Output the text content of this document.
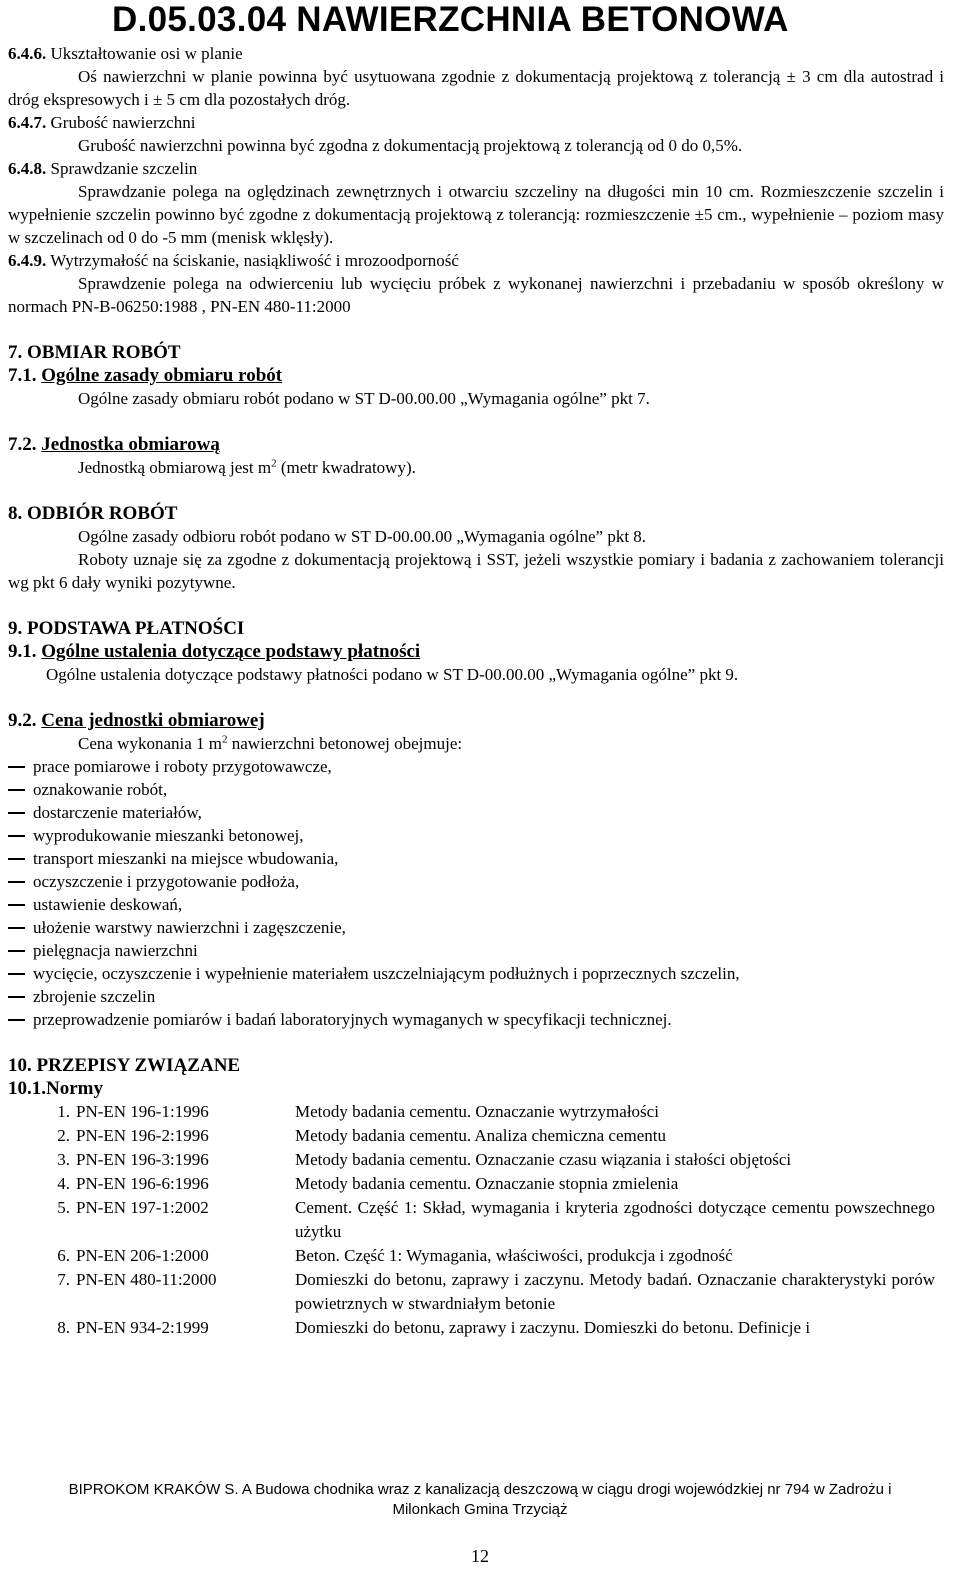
D.05.03.04 NAWIERZCHNIA BETONOWA

6.4.6. Ukształtowanie osi w planie

Oś nawierzchni w planie powinna być usytuowana zgodnie z dokumentacją projektową z tolerancją ± 3 cm dla autostrad i dróg ekspresowych i ± 5 cm dla pozostałych dróg.

6.4.7. Grubość nawierzchni

Grubość nawierzchni powinna być zgodna z dokumentacją projektową z tolerancją od 0 do 0,5%.

6.4.8. Sprawdzanie szczelin

Sprawdzanie polega na oględzinach zewnętrznych i otwarciu szczeliny na długości min 10 cm. Rozmieszczenie szczelin i wypełnienie szczelin powinno być zgodne z dokumentacją projektową z tolerancją: rozmieszczenie ±5 cm., wypełnienie – poziom masy w szczelinach od 0 do -5 mm (menisk wklęsły).

6.4.9. Wytrzymałość na ściskanie, nasiąkliwość i mrozoodporność

Sprawdzenie polega na odwierceniu lub wycięciu próbek z wykonanej nawierzchni i przebadaniu w sposób określony w normach PN-B-06250:1988 , PN-EN 480-11:2000

7. OBMIAR ROBÓT

7.1. Ogólne zasady obmiaru robót

Ogólne zasady obmiaru robót podano w ST D-00.00.00 „Wymagania ogólne” pkt 7.

7.2. Jednostka obmiarową

Jednostką obmiarową jest $m^2$ (metr kwadratowy).

8. ODBIÓR ROBÓT

Ogólne zasady odbioru robót podano w ST D-00.00.00 „Wymagania ogólne” pkt 8.

Roboty uznaje się za zgodne z dokumentacją projektową i SST, jeżeli wszystkie pomiary i badania z zachowaniem tolerancji wg pkt 6 dały wyniki pozytywne.

9. PODSTAWA PŁATNOŚCI

9.1. Ogólne ustalenia dotyczące podstawy płatności

Ogólne ustalenia dotyczące podstawy płatności podano w ST D-00.00.00 „Wymagania ogólne” pkt 9.

9.2. Cena jednostki obmiarowej

Cena wykonania 1 $m^2$ nawierzchni betonowej obejmuje:

prace pomiarowe i roboty przygotowawcze,
oznakowanie robót,
dostarczenie materiałów,
wyprodukowanie mieszanki betonowej,
transport mieszanki na miejsce wbudowania,
oczyszczenie i przygotowanie podłoża,
ustawienie deskowań,
ułożenie warstwy nawierzchni i zagęszczenie,
pielęgnacja nawierzchni
wycięcie, oczyszczenie i wypełnienie materiałem uszczelniającym podłużnych i poprzecznych szczelin,
zbrojenie szczelin
przeprowadzenie pomiarów i badań laboratoryjnych wymaganych w specyfikacji technicznej.

10. PRZEPISY ZWIĄZANE

10.1.Normy

1.	PN-EN 196-1:1996	Metody badania cementu. Oznaczanie wytrzymałości
2.	PN-EN 196-2:1996	Metody badania cementu. Analiza chemiczna cementu
3.	PN-EN 196-3:1996	Metody badania cementu. Oznaczanie czasu wiązania i stałości objętości
4.	PN-EN 196-6:1996	Metody badania cementu. Oznaczanie stopnia zmielenia
5.	PN-EN 197-1:2002	Cement. Część 1: Skład, wymagania i kryteria zgodności dotyczące cementu powszechnego użytku
6.	PN-EN 206-1:2000	Beton. Część 1: Wymagania, właściwości, produkcja i zgodność
7.	PN-EN 480-11:2000	Domieszki do betonu, zaprawy i zaczynu. Metody badań. Oznaczanie charakterystyki porów powietrznych w stwardniałym betonie
8.	PN-EN 934-2:1999	Domieszki do betonu, zaprawy i zaczynu. Domieszki do betonu. Definicje i
BIPROKOM KRAKÓW S. A Budowa chodnika wraz z kanalizacją deszczową w ciągu drogi wojewódzkiej nr 794 w Zadrożu i
Milonkach Gmina Trzyciąż
12
